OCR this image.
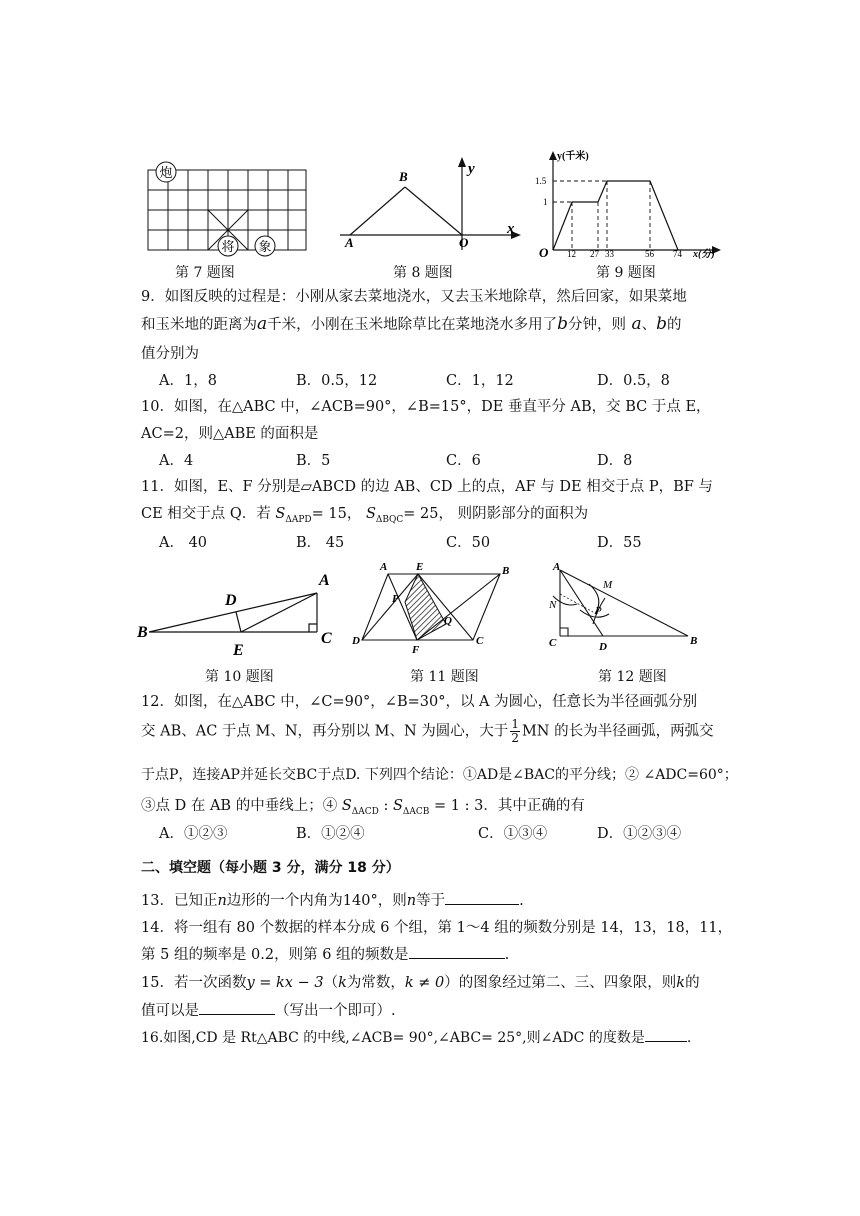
炮
将 象
第 7 题图
B
A	O
x
y
第 8 题图
y(千米)
x(分)
1.5
1
12 27 33	56 74
O
第 9 题图
9．如图反映的过程是：小刚从家去菜地浇水，又去玉米地除草，然后回家，如果菜地
和玉米地的距离为a千米，小刚在玉米地除草比在菜地浇水多用了b分钟，则 a、b的
值分别为
A．1，8	B．0.5，12	C．1，12	D．0.5，8
10．如图，在△ABC 中，∠ACB=90°，∠B=15°，DE 垂直平分 AB，交 BC 于点 E，
AC=2，则△ABE 的面积是
A．4	B．5	C．6	D．8
11．如图，E、F 分别是▱ABCD 的边 AB、CD 上的点，AF 与 DE 相交于点 P，BF 与
CE 相交于点 Q．若 $S_{\Delta APD}= 15$， $S_{\Delta BQC}= 25$， 则阴影部分的面积为
A． 40	B． 45	C．50	D．55
A
B	C
D
E
第 10 题图
A	E	B
P
Q
D
F
C
第 11 题图
A
M
N	P
C	D	B
第 12 题图
12．如图，在△ABC 中，∠C=90°，∠B=30°，以 A 为圆心，任意长为半径画弧分别
交 AB、AC 于点 M、N，再分别以 M、N 为圆心，大于 $\frac{1}{2}$ MN 的长为半径画弧，两弧交
于点P，连接AP并延长交BC于点D. 下列四个结论：①AD是∠BAC的平分线；② ∠ADC=60°；
③点 D 在 AB 的中垂线上；④ $S_{\Delta ACD}$ : $S_{\Delta ACB} = 1$ : 3．其中正确的有
A．①②③	B．①②④	C．①③④	D．①②③④
二、填空题（每小题 3 分，满分 18 分）
13．已知正n边形的一个内角为140°，则n等于	.
14．将一组有 80 个数据的样本分成 6 个组，第 1～4 组的频数分别是 14，13，18，11，
第 5 组的频率是 0.2，则第 6 组的频数是	.
15．若一次函数y = kx − 3（k为常数，k ≠ 0）的图象经过第二、三、四象限，则k的
值可以是	（写出一个即可）.
16.如图,CD 是 Rt△ABC 的中线,∠ACB= 90°,∠ABC= 25°,则∠ADC 的度数是	.
